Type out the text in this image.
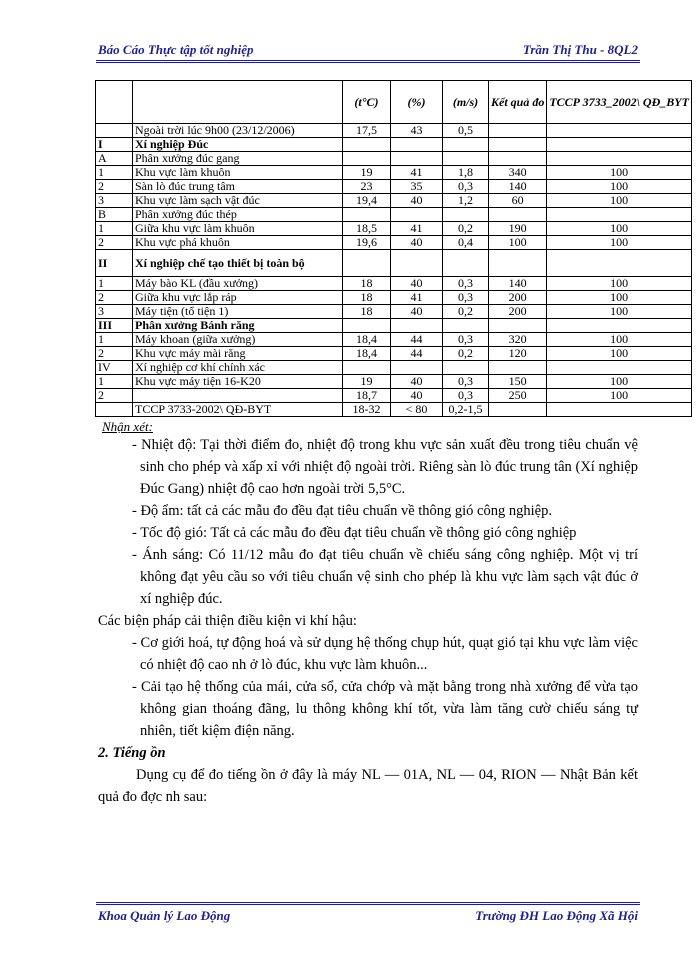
Báo Cáo Thực tập tốt nghiệp	Trần Thị Thu - 8QL2
		(t°C)	(%)	(m/s)	Kết quả đo	TCCP 3733_2002\ QĐ_BYT
	Ngoài trời lúc 9h00 (23/12/2006)	17,5	43	0,5		
I	Xí nghiệp Đúc					
A	Phân xưởng đúc gang					
1	Khu vực làm khuôn	19	41	1,8	340	100
2	Sàn lò đúc trung tâm	23	35	0,3	140	100
3	Khu vực làm sạch vật đúc	19,4	40	1,2	60	100
B	Phân xưởng đúc thép					
1	Giữa khu vực làm khuôn	18,5	41	0,2	190	100
2	Khu vực phá khuôn	19,6	40	0,4	100	100
II	Xí nghiệp chế tạo thiết bị toàn bộ					
1	Máy bào KL (đầu xưởng)	18	40	0,3	140	100
2	Giữa khu vực lắp ráp	18	41	0,3	200	100
3	Máy tiện (tổ tiện 1)	18	40	0,2	200	100
III	Phân xưởng Bánh răng					
1	Máy khoan (giữa xưởng)	18,4	44	0,3	320	100
2	Khu vực máy mài răng	18,4	44	0,2	120	100
IV	Xí nghiệp cơ khí chính xác					
1	Khu vực máy tiện 16-K20	19	40	0,3	150	100
2		18,7	40	0,3	250	100
	TCCP 3733-2002\ QĐ-BYT	18-32	< 80	0,2-1,5		

Nhận xét:

- Nhiệt độ: Tại thời điểm đo, nhiệt độ trong khu vực sản xuất đều trong tiêu chuẩn vệ sinh cho phép và xấp xỉ với nhiệt độ ngoài trời. Riêng sàn lò đúc trung tân (Xí nghiệp Đúc Gang) nhiệt độ cao hơn ngoài trời 5,5°C.

- Độ ẩm: tất cả các mẫu đo đều đạt tiêu chuẩn về thông gió công nghiệp.

- Tốc độ gió: Tất cả các mẫu đo đều đạt tiêu chuẩn về thông gió công nghiệp

- Ánh sáng: Có 11/12 mẫu đo đạt tiêu chuẩn về chiếu sáng công nghiệp. Một vị trí không đạt yêu cầu so với tiêu chuẩn vệ sinh cho phép là khu vực làm sạch vật đúc ở xí nghiệp đúc.

Các biện pháp cải thiện điều kiện vi khí hậu:

- Cơ giới hoá, tự động hoá và sử dụng hệ thống chụp hút, quạt gió tại khu vực làm việc có nhiệt độ cao nh ở lò đúc, khu vực làm khuôn...

- Cải tạo hệ thống của mái, cửa sổ, cửa chớp và mặt bằng trong nhà xưởng để vừa tạo không gian thoáng đãng, lu thông không khí tốt, vừa làm tăng cườ chiếu sáng tự nhiên, tiết kiệm điện năng.

2. Tiếng ồn

Dụng cụ để đo tiếng ồn ở đây là máy NL — 01A, NL — 04, RION — Nhật Bản kết quả đo đợc nh sau:

Khoa Quản lý Lao Động	Trường ĐH Lao Động Xã Hội
